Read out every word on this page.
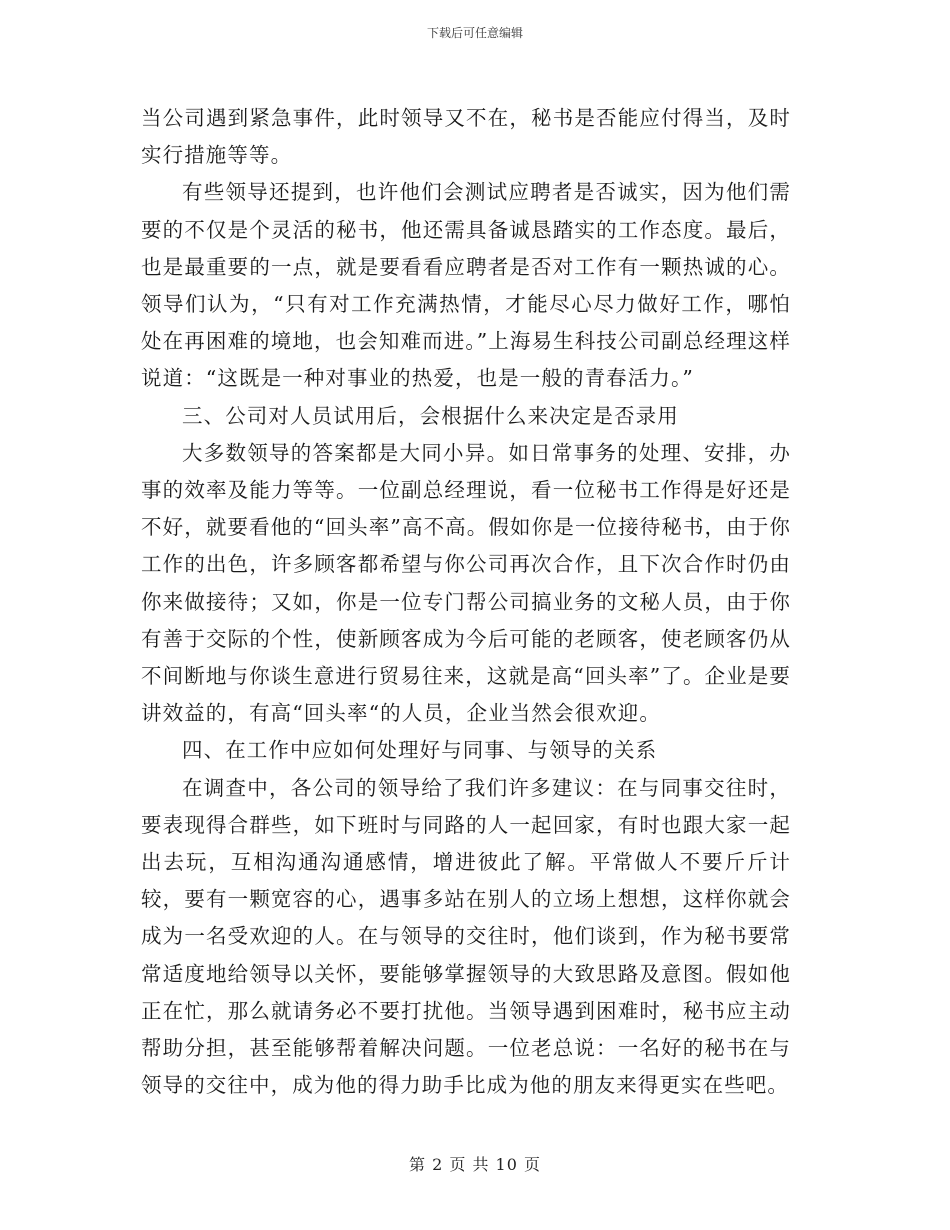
下载后可任意编辑

当公司遇到紧急事件，此时领导又不在，秘书是否能应付得当，及时实行措施等等。

有些领导还提到，也许他们会测试应聘者是否诚实，因为他们需要的不仅是个灵活的秘书，他还需具备诚恳踏实的工作态度。最后，也是最重要的一点，就是要看看应聘者是否对工作有一颗热诚的心。领导们认为，“只有对工作充满热情，才能尽心尽力做好工作，哪怕处在再困难的境地，也会知难而进。”上海易生科技公司副总经理这样说道：“这既是一种对事业的热爱，也是一般的青春活力。”

三、公司对人员试用后，会根据什么来决定是否录用

大多数领导的答案都是大同小异。如日常事务的处理、安排，办事的效率及能力等等。一位副总经理说，看一位秘书工作得是好还是不好，就要看他的“回头率”高不高。假如你是一位接待秘书，由于你工作的出色，许多顾客都希望与你公司再次合作，且下次合作时仍由你来做接待；又如，你是一位专门帮公司搞业务的文秘人员，由于你有善于交际的个性，使新顾客成为今后可能的老顾客，使老顾客仍从不间断地与你谈生意进行贸易往来，这就是高“回头率”了。企业是要讲效益的，有高“回头率“的人员，企业当然会很欢迎。

四、在工作中应如何处理好与同事、与领导的关系

在调查中，各公司的领导给了我们许多建议：在与同事交往时，要表现得合群些，如下班时与同路的人一起回家，有时也跟大家一起出去玩，互相沟通沟通感情，增进彼此了解。平常做人不要斤斤计较，要有一颗宽容的心，遇事多站在别人的立场上想想，这样你就会成为一名受欢迎的人。在与领导的交往时，他们谈到，作为秘书要常常适度地给领导以关怀，要能够掌握领导的大致思路及意图。假如他正在忙，那么就请务必不要打扰他。当领导遇到困难时，秘书应主动帮助分担，甚至能够帮着解决问题。一位老总说：一名好的秘书在与领导的交往中，成为他的得力助手比成为他的朋友来得更实在些吧。

第 2 页 共 10 页
